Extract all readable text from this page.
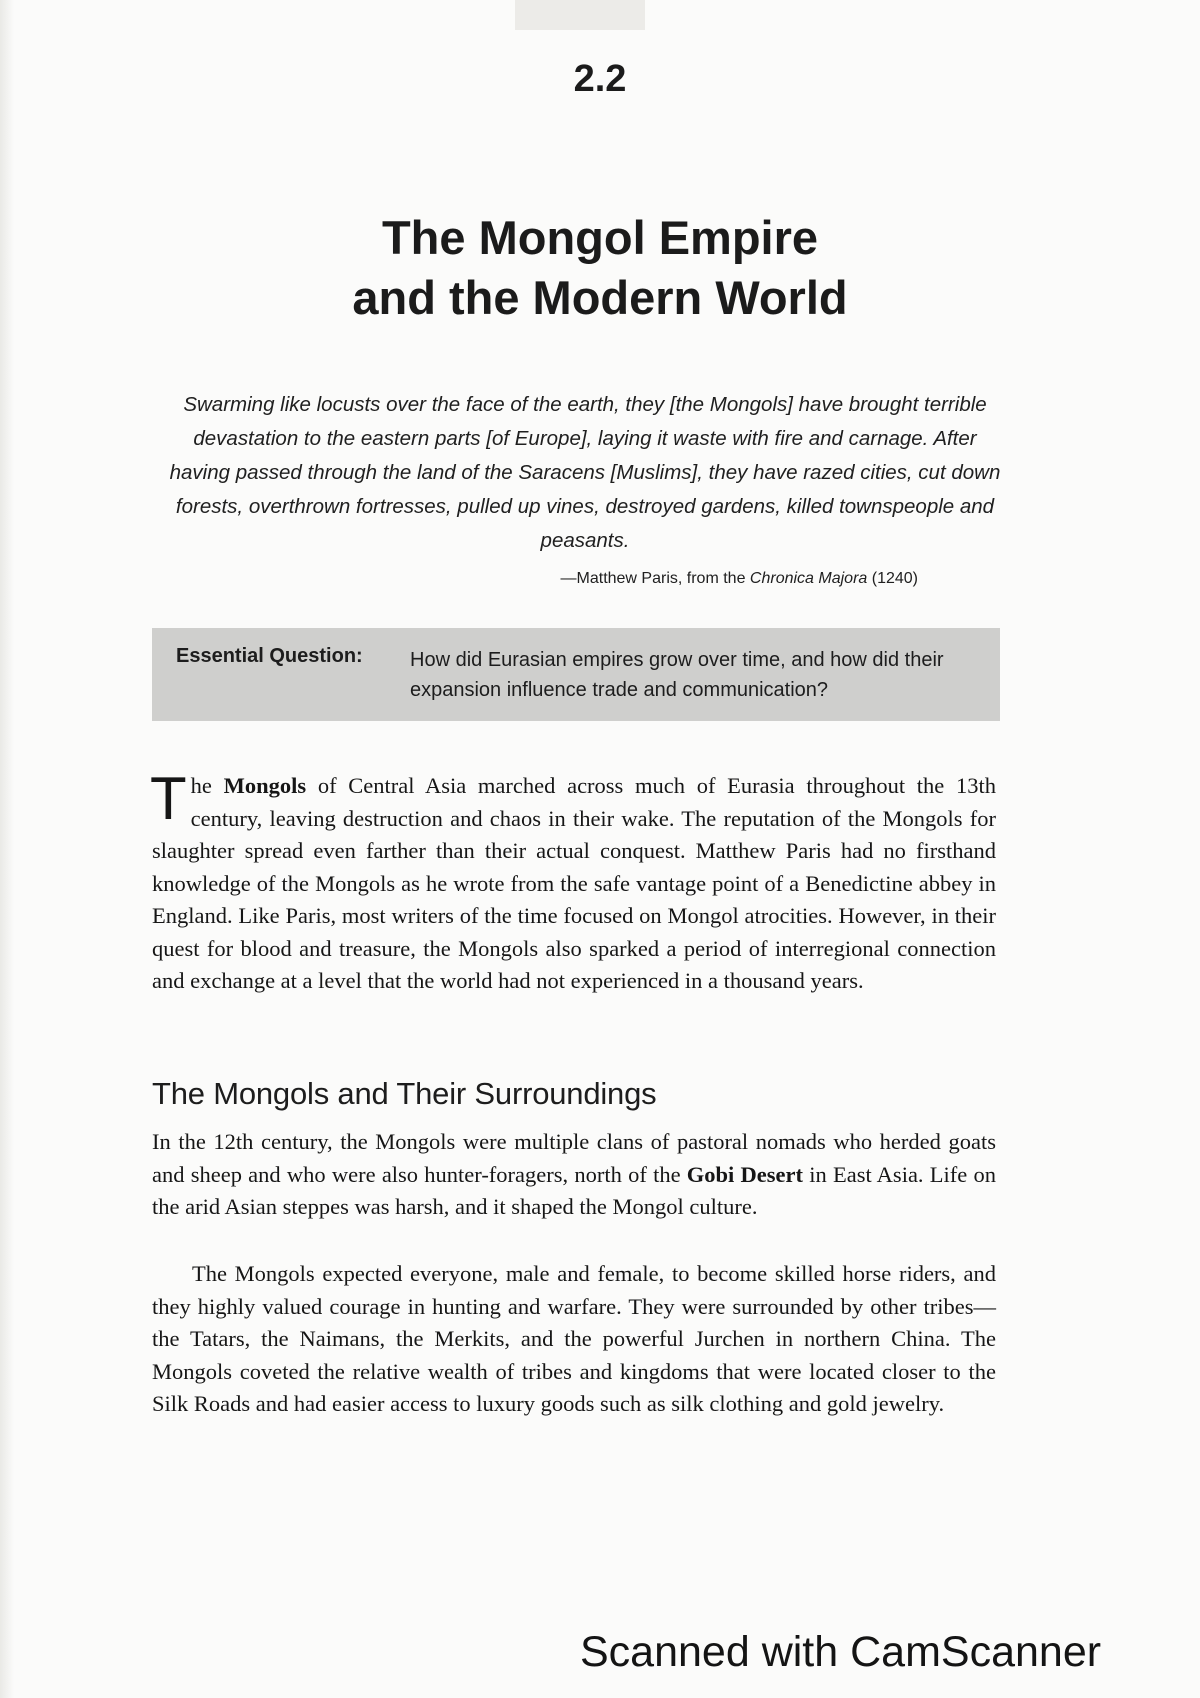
2.2
The Mongol Empire
and the Modern World

Swarming like locusts over the face of the earth, they [the Mongols] have brought terrible devastation to the eastern parts [of Europe], laying it waste with fire and carnage. After having passed through the land of the Saracens [Muslims], they have razed cities, cut down forests, overthrown fortresses, pulled up vines, destroyed gardens, killed townspeople and peasants.

—Matthew Paris, from the Chronica Majora (1240)
Essential Question: How did Eurasian empires grow over time, and how did their expansion influence trade and communication?

The Mongols of Central Asia marched across much of Eurasia throughout the 13th century, leaving destruction and chaos in their wake. The reputation of the Mongols for slaughter spread even farther than their actual conquest. Matthew Paris had no firsthand knowledge of the Mongols as he wrote from the safe vantage point of a Benedictine abbey in England. Like Paris, most writers of the time focused on Mongol atrocities. However, in their quest for blood and treasure, the Mongols also sparked a period of interregional connection and exchange at a level that the world had not experienced in a thousand years.

The Mongols and Their Surroundings

In the 12th century, the Mongols were multiple clans of pastoral nomads who herded goats and sheep and who were also hunter-foragers, north of the Gobi Desert in East Asia. Life on the arid Asian steppes was harsh, and it shaped the Mongol culture.

The Mongols expected everyone, male and female, to become skilled horse riders, and they highly valued courage in hunting and warfare. They were surrounded by other tribes—the Tatars, the Naimans, the Merkits, and the powerful Jurchen in northern China. The Mongols coveted the relative wealth of tribes and kingdoms that were located closer to the Silk Roads and had easier access to luxury goods such as silk clothing and gold jewelry.

Scanned with CamScanner
